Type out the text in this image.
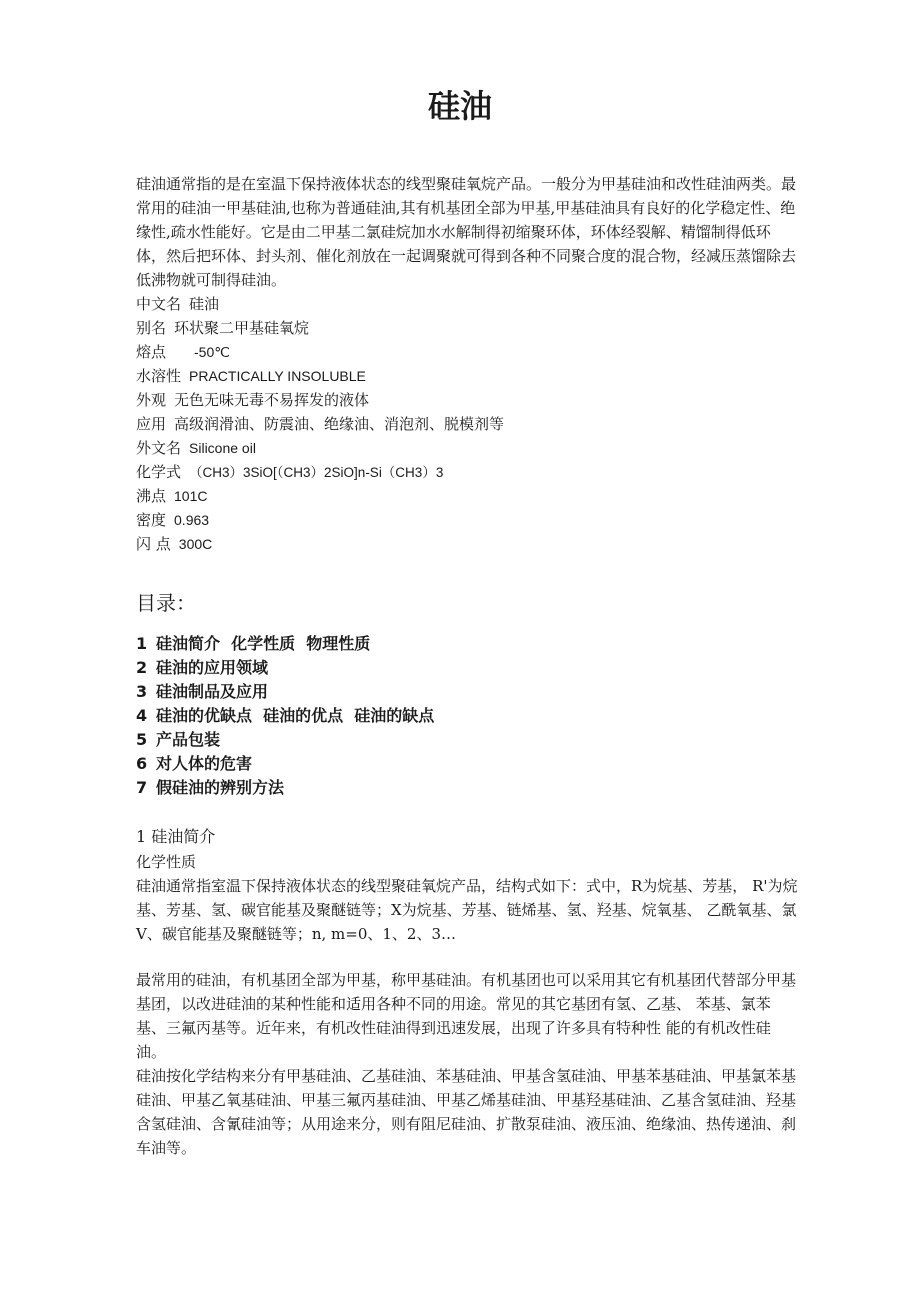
硅油

硅油通常指的是在室温下保持液体状态的线型聚硅氧烷产品。一般分为甲基硅油和改性硅油两类。最常用的硅油一甲基硅油,也称为普通硅油,其有机基团全部为甲基,甲基硅油具有良好的化学稳定性、绝缘性,疏水性能好。它是由二甲基二氯硅烷加水水解制得初缩聚环体，环体经裂解、精馏制得低环体，然后把环体、封头剂、催化剂放在一起调聚就可得到各种不同聚合度的混合物，经减压蒸馏除去低沸物就可制得硅油。

中文名 硅油
别名 环状聚二甲基硅氧烷
熔点 -50℃
水溶性 PRACTICALLY INSOLUBLE
外观 无色无味无毒不易挥发的液体
应用 高级润滑油、防震油、绝缘油、消泡剂、脱模剂等
外文名 Silicone oil
化学式 （CH3）3SiO[（CH3）2SiO]n-Si（CH3）3
沸点 101C
密度 0.963
闪 点 300C
目录：
1 硅油简介  化学性质  物理性质
2 硅油的应用领域
3 硅油制品及应用
4 硅油的优缺点  硅油的优点  硅油的缺点
5 产品包装
6 对人体的危害
7 假硅油的辨别方法
1 硅油简介
化学性质

硅油通常指室温下保持液体状态的线型聚硅氧烷产品，结构式如下：式中，R为烷基、芳基， R'为烷基、芳基、氢、碳官能基及聚醚链等；X为烷基、芳基、链烯基、氢、羟基、烷氧基、 乙酰氧基、氯V、碳官能基及聚醚链等；n, m=0、1、2、3…

最常用的硅油，有机基团全部为甲基，称甲基硅油。有机基团也可以采用其它有机基团代替部分甲基基团，以改进硅油的某种性能和适用各种不同的用途。常见的其它基团有氢、乙基、 苯基、氯苯基、三氟丙基等。近年来，有机改性硅油得到迅速发展，出现了许多具有特种性 能的有机改性硅油。

硅油按化学结构来分有甲基硅油、乙基硅油、苯基硅油、甲基含氢硅油、甲基苯基硅油、甲基氯苯基硅油、甲基乙氧基硅油、甲基三氟丙基硅油、甲基乙烯基硅油、甲基羟基硅油、乙基含氢硅油、羟基含氢硅油、含氰硅油等；从用途来分，则有阻尼硅油、扩散泵硅油、液压油、绝缘油、热传递油、刹车油等。
